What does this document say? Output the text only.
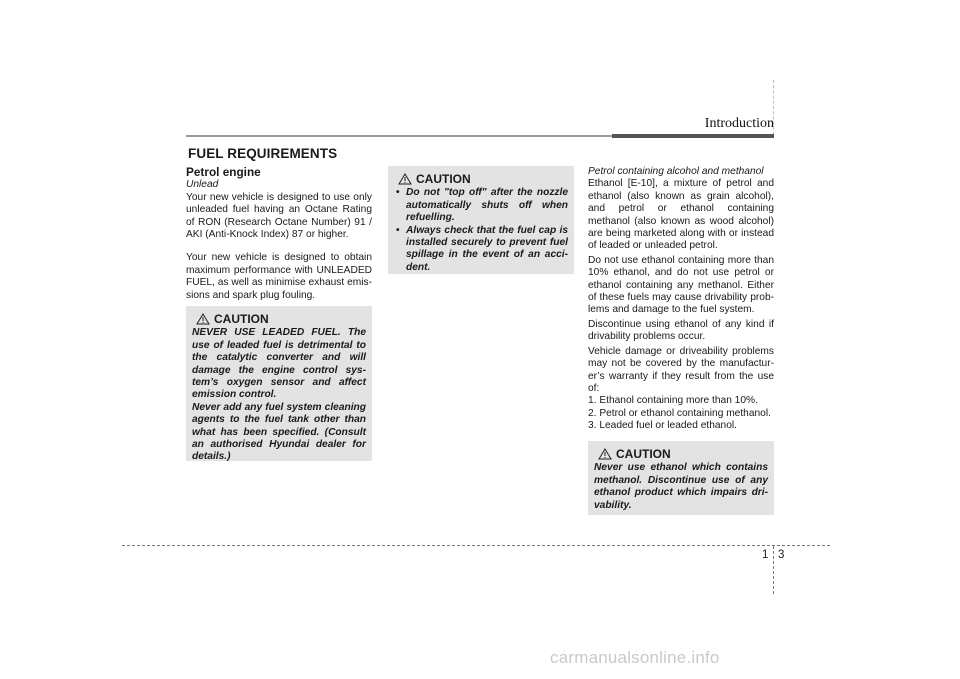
Introduction
FUEL REQUIREMENTS
Petrol engine
Unlead

Your new vehicle is designed to use only unleaded fuel having an Octane Rating of RON (Research Octane Number) 91 / AKI (Anti-Knock Index) 87 or higher.

Your new vehicle is designed to obtain maximum performance with UNLEADED FUEL, as well as minimise exhaust emis-sions and spark plug fouling.

CAUTION

NEVER USE LEADED FUEL. The use of leaded fuel is detrimental to the catalytic converter and will damage the engine control sys-tem’s oxygen sensor and affect emission control.

Never add any fuel system cleaning agents to the fuel tank other than what has been specified. (Consult an authorised Hyundai dealer for details.)

CAUTION
• Do not "top off" after the nozzle automatically shuts off when refuelling.
• Always check that the fuel cap is installed securely to prevent fuel spillage in the event of an acci-dent.
Petrol containing alcohol and methanol

Ethanol [E-10], a mixture of petrol and ethanol (also known as grain alcohol), and petrol or ethanol containing methanol (also known as wood alcohol) are being marketed along with or instead of leaded or unleaded petrol.

Do not use ethanol containing more than 10% ethanol, and do not use petrol or ethanol containing any methanol. Either of these fuels may cause drivability prob-lems and damage to the fuel system.

Discontinue using ethanol of any kind if drivability problems occur.

Vehicle damage or driveability problems may not be covered by the manufactur-er’s warranty if they result from the use of:

1. Ethanol containing more than 10%.

2. Petrol or ethanol containing methanol.

3. Leaded fuel or leaded ethanol.

CAUTION

Never use ethanol which contains methanol. Discontinue use of any ethanol product which impairs dri-vability.

1 3
carmanualsonline.info
